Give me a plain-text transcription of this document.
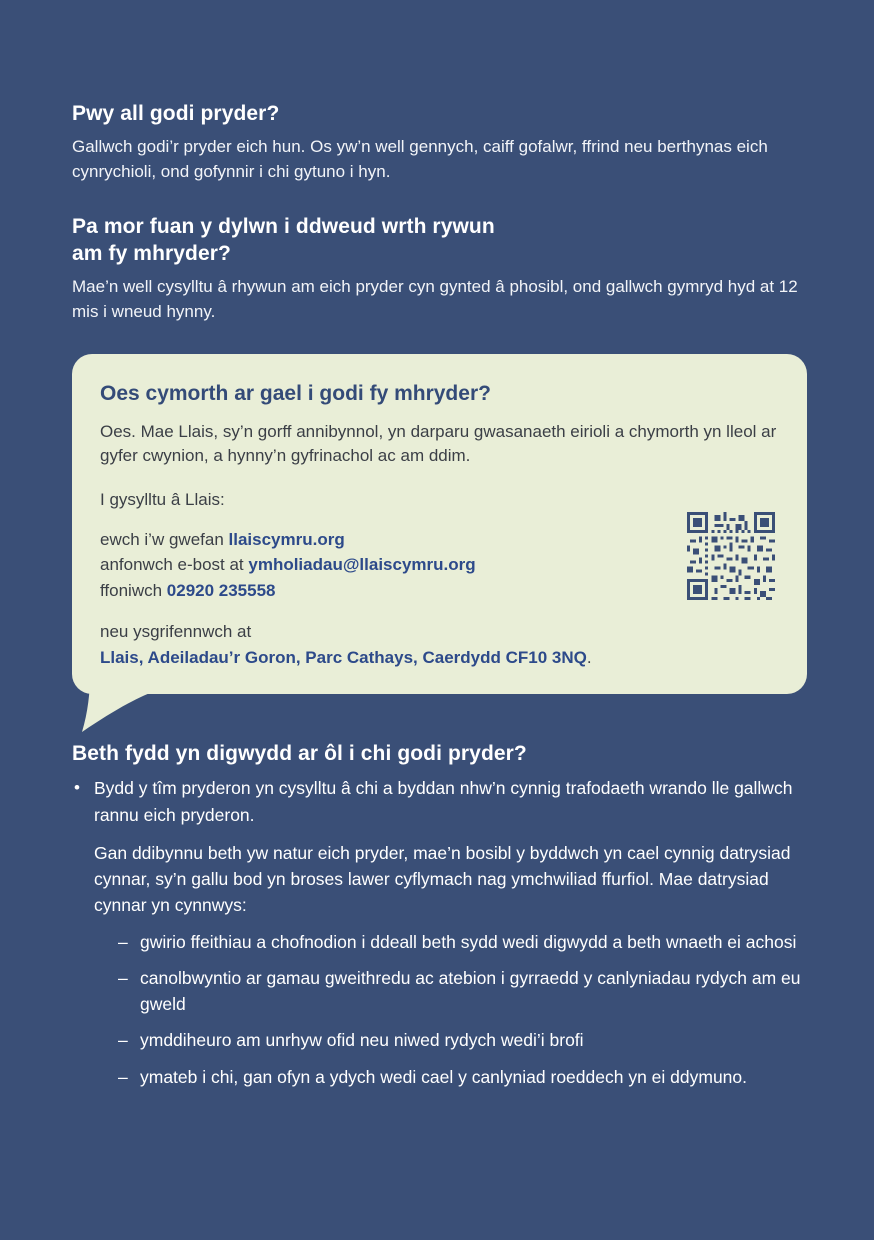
Pwy all godi pryder?

Gallwch godi’r pryder eich hun. Os yw’n well gennych, caiff gofalwr, ffrind neu berthynas eich cynrychioli, ond gofynnir i chi gytuno i hyn.

Pa mor fuan y dylwn i ddweud wrth rywun
am fy mhryder?

Mae’n well cysylltu â rhywun am eich pryder cyn gynted â phosibl, ond gallwch gymryd hyd at 12 mis i wneud hynny.

Oes cymorth ar gael i godi fy mhryder?

Oes. Mae Llais, sy’n gorff annibynnol, yn darparu gwasanaeth eirioli a chymorth yn lleol ar gyfer cwynion, a hynny’n gyfrinachol ac am ddim.

I gysylltu â Llais:
ewch i’w gwefan llaiscymru.org
anfonwch e-bost at ymholiadau@llaiscymru.org
ffoniwch 02920 235558
neu ysgrifennwch at
Llais, Adeiladau’r Goron, Parc Cathays, Caerdydd CF10 3NQ.
Beth fydd yn digwydd ar ôl i chi godi pryder?
• Bydd y tîm pryderon yn cysylltu â chi a byddan nhw’n cynnig trafodaeth wrando lle gallwch rannu eich pryderon.
Gan ddibynnu beth yw natur eich pryder, mae’n bosibl y byddwch yn cael cynnig datrysiad cynnar, sy’n gallu bod yn broses lawer cyflymach nag ymchwiliad ffurfiol. Mae datrysiad cynnar yn cynnwys:
– gwirio ffeithiau a chofnodion i ddeall beth sydd wedi digwydd a beth wnaeth ei achosi
– canolbwyntio ar gamau gweithredu ac atebion i gyrraedd y canlyniadau rydych am eu gweld
– ymddiheuro am unrhyw ofid neu niwed rydych wedi’i brofi
– ymateb i chi, gan ofyn a ydych wedi cael y canlyniad roeddech yn ei ddymuno.
